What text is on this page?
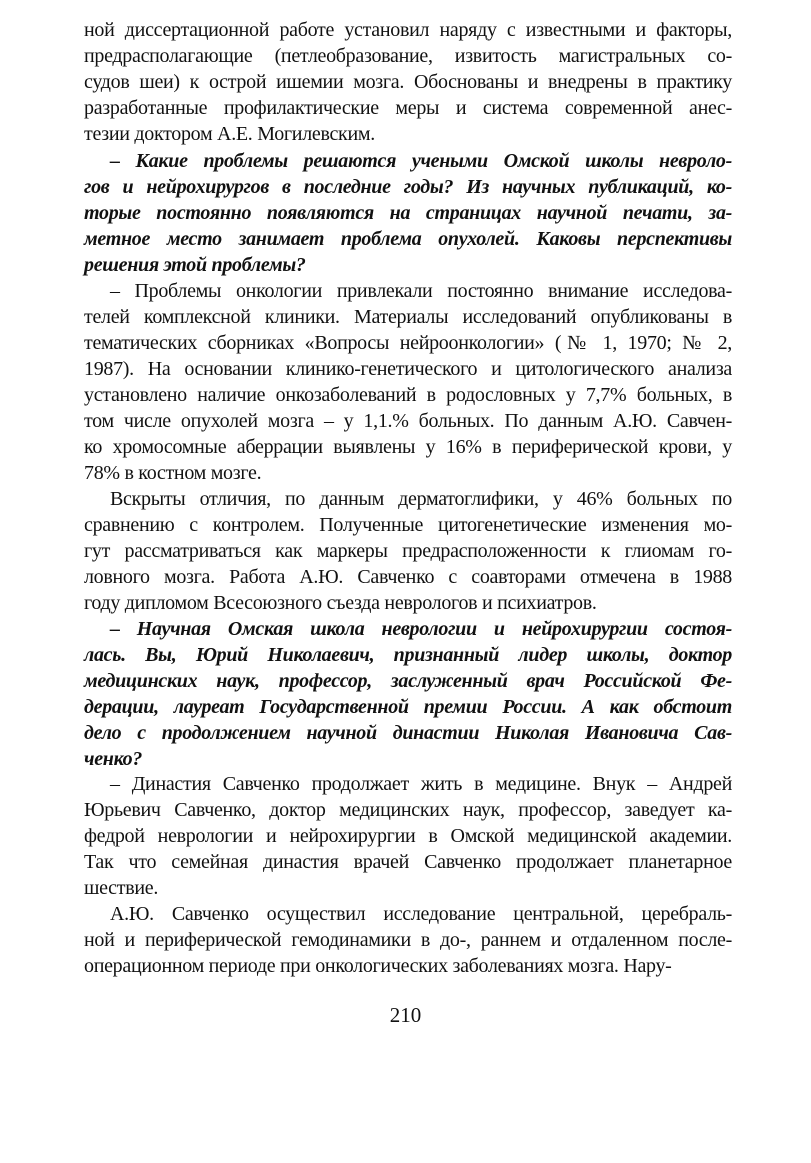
ной диссертационной работе установил наряду с известными и факторы,
предрасполагающие (петлеобразование, извитость магистральных со-
судов шеи) к острой ишемии мозга. Обоснованы и внедрены в практику
разработанные профилактические меры и система современной анес-
тезии доктором А.Е. Могилевским.
– Какие проблемы решаются учеными Омской школы невроло-
гов и нейрохирургов в последние годы? Из научных публикаций, ко-
торые постоянно появляются на страницах научной печати, за-
метное место занимает проблема опухолей. Каковы перспективы
решения этой проблемы?
– Проблемы онкологии привлекали постоянно внимание исследова-
телей комплексной клиники. Материалы исследований опубликованы в
тематических сборниках «Вопросы нейроонкологии» (№ 1, 1970; № 2,
1987). На основании клинико-генетического и цитологического анализа
установлено наличие онкозаболеваний в родословных у 7,7% больных, в
том числе опухолей мозга – у 1,1.% больных. По данным А.Ю. Савчен-
ко хромосомные аберрации выявлены у 16% в периферической крови, у
78% в костном мозге.
Вскрыты отличия, по данным дерматоглифики, у 46% больных по
сравнению с контролем. Полученные цитогенетические изменения мо-
гут рассматриваться как маркеры предрасположенности к глиомам го-
ловного мозга. Работа А.Ю. Савченко с соавторами отмечена в 1988
году дипломом Всесоюзного съезда неврологов и психиатров.
– Научная Омская школа неврологии и нейрохирургии состоя-
лась. Вы, Юрий Николаевич, признанный лидер школы, доктор
медицинских наук, профессор, заслуженный врач Российской Фе-
дерации, лауреат Государственной премии России. А как обстоит
дело с продолжением научной династии Николая Ивановича Сав-
ченко?
– Династия Савченко продолжает жить в медицине. Внук – Андрей
Юрьевич Савченко, доктор медицинских наук, профессор, заведует ка-
федрой неврологии и нейрохирургии в Омской медицинской академии.
Так что семейная династия врачей Савченко продолжает планетарное
шествие.
А.Ю. Савченко осуществил исследование центральной, церебраль-
ной и периферической гемодинамики в до-, раннем и отдаленном после-
операционном периоде при онкологических заболеваниях мозга. Нару-
210
